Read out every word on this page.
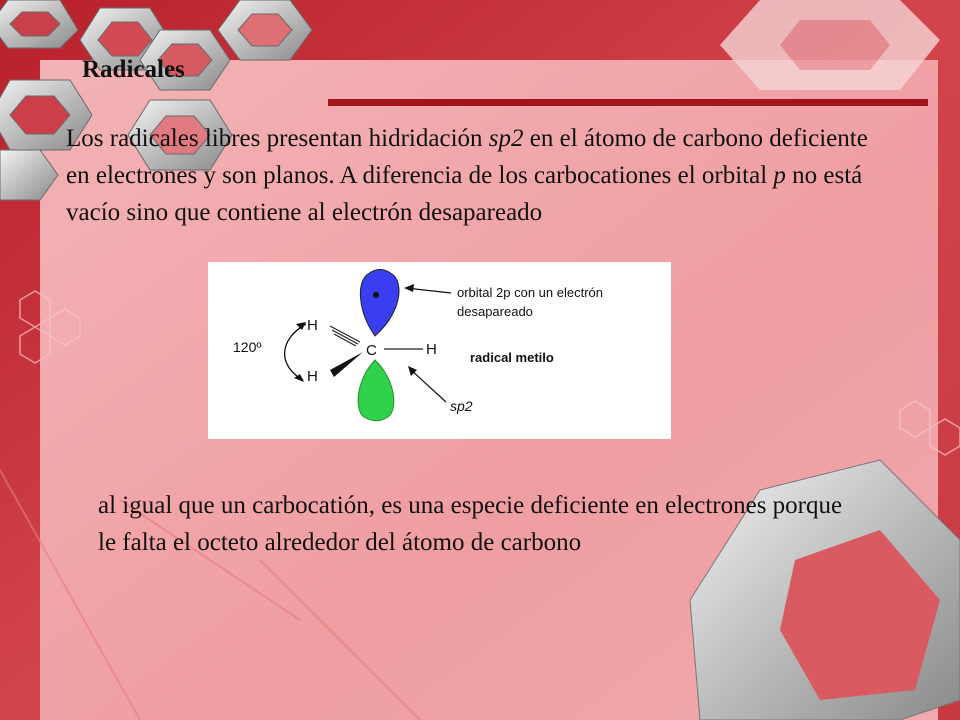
Radicales

Los radicales libres presentan hidridación sp2 en el átomo de carbono deficiente en electrones y son planos. A diferencia de los carbocationes el orbital p no está vacío sino que contiene al electrón desapareado

C
H
H
H
120º
orbital 2p con un electrón
desapareado
radical metilo
sp2

al igual que un carbocatión, es una especie deficiente en electrones porque le falta el octeto alrededor del átomo de carbono
